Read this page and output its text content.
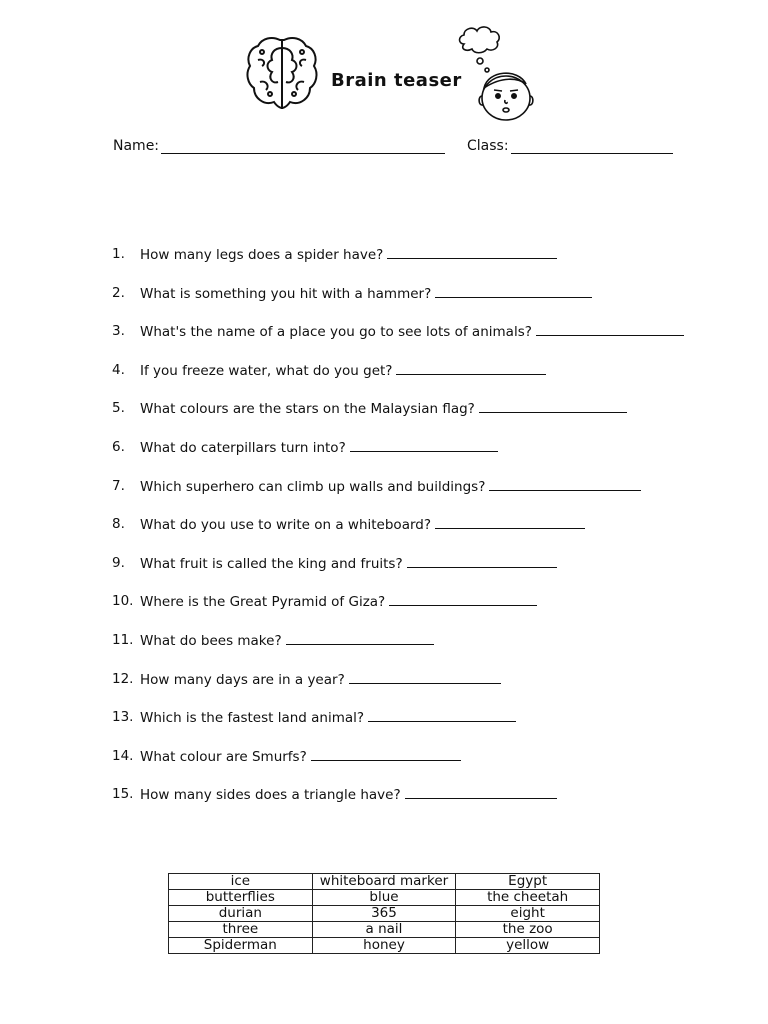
Brain teaser
Name:	Class:
1.	How many legs does a spider have?
2.	What is something you hit with a hammer?
3.	What's the name of a place you go to see lots of animals?
4.	If you freeze water, what do you get?
5.	What colours are the stars on the Malaysian flag?
6.	What do caterpillars turn into?
7.	Which superhero can climb up walls and buildings?
8.	What do you use to write on a whiteboard?
9.	What fruit is called the king and fruits?
10. Where is the Great Pyramid of Giza?
11. What do bees make?
12. How many days are in a year?
13. Which is the fastest land animal?
14. What colour are Smurfs?
15. How many sides does a triangle have?
ice	whiteboard marker	Egypt
butterflies	blue	the cheetah
durian	365	eight
three	a nail	the zoo
Spiderman	honey	yellow
